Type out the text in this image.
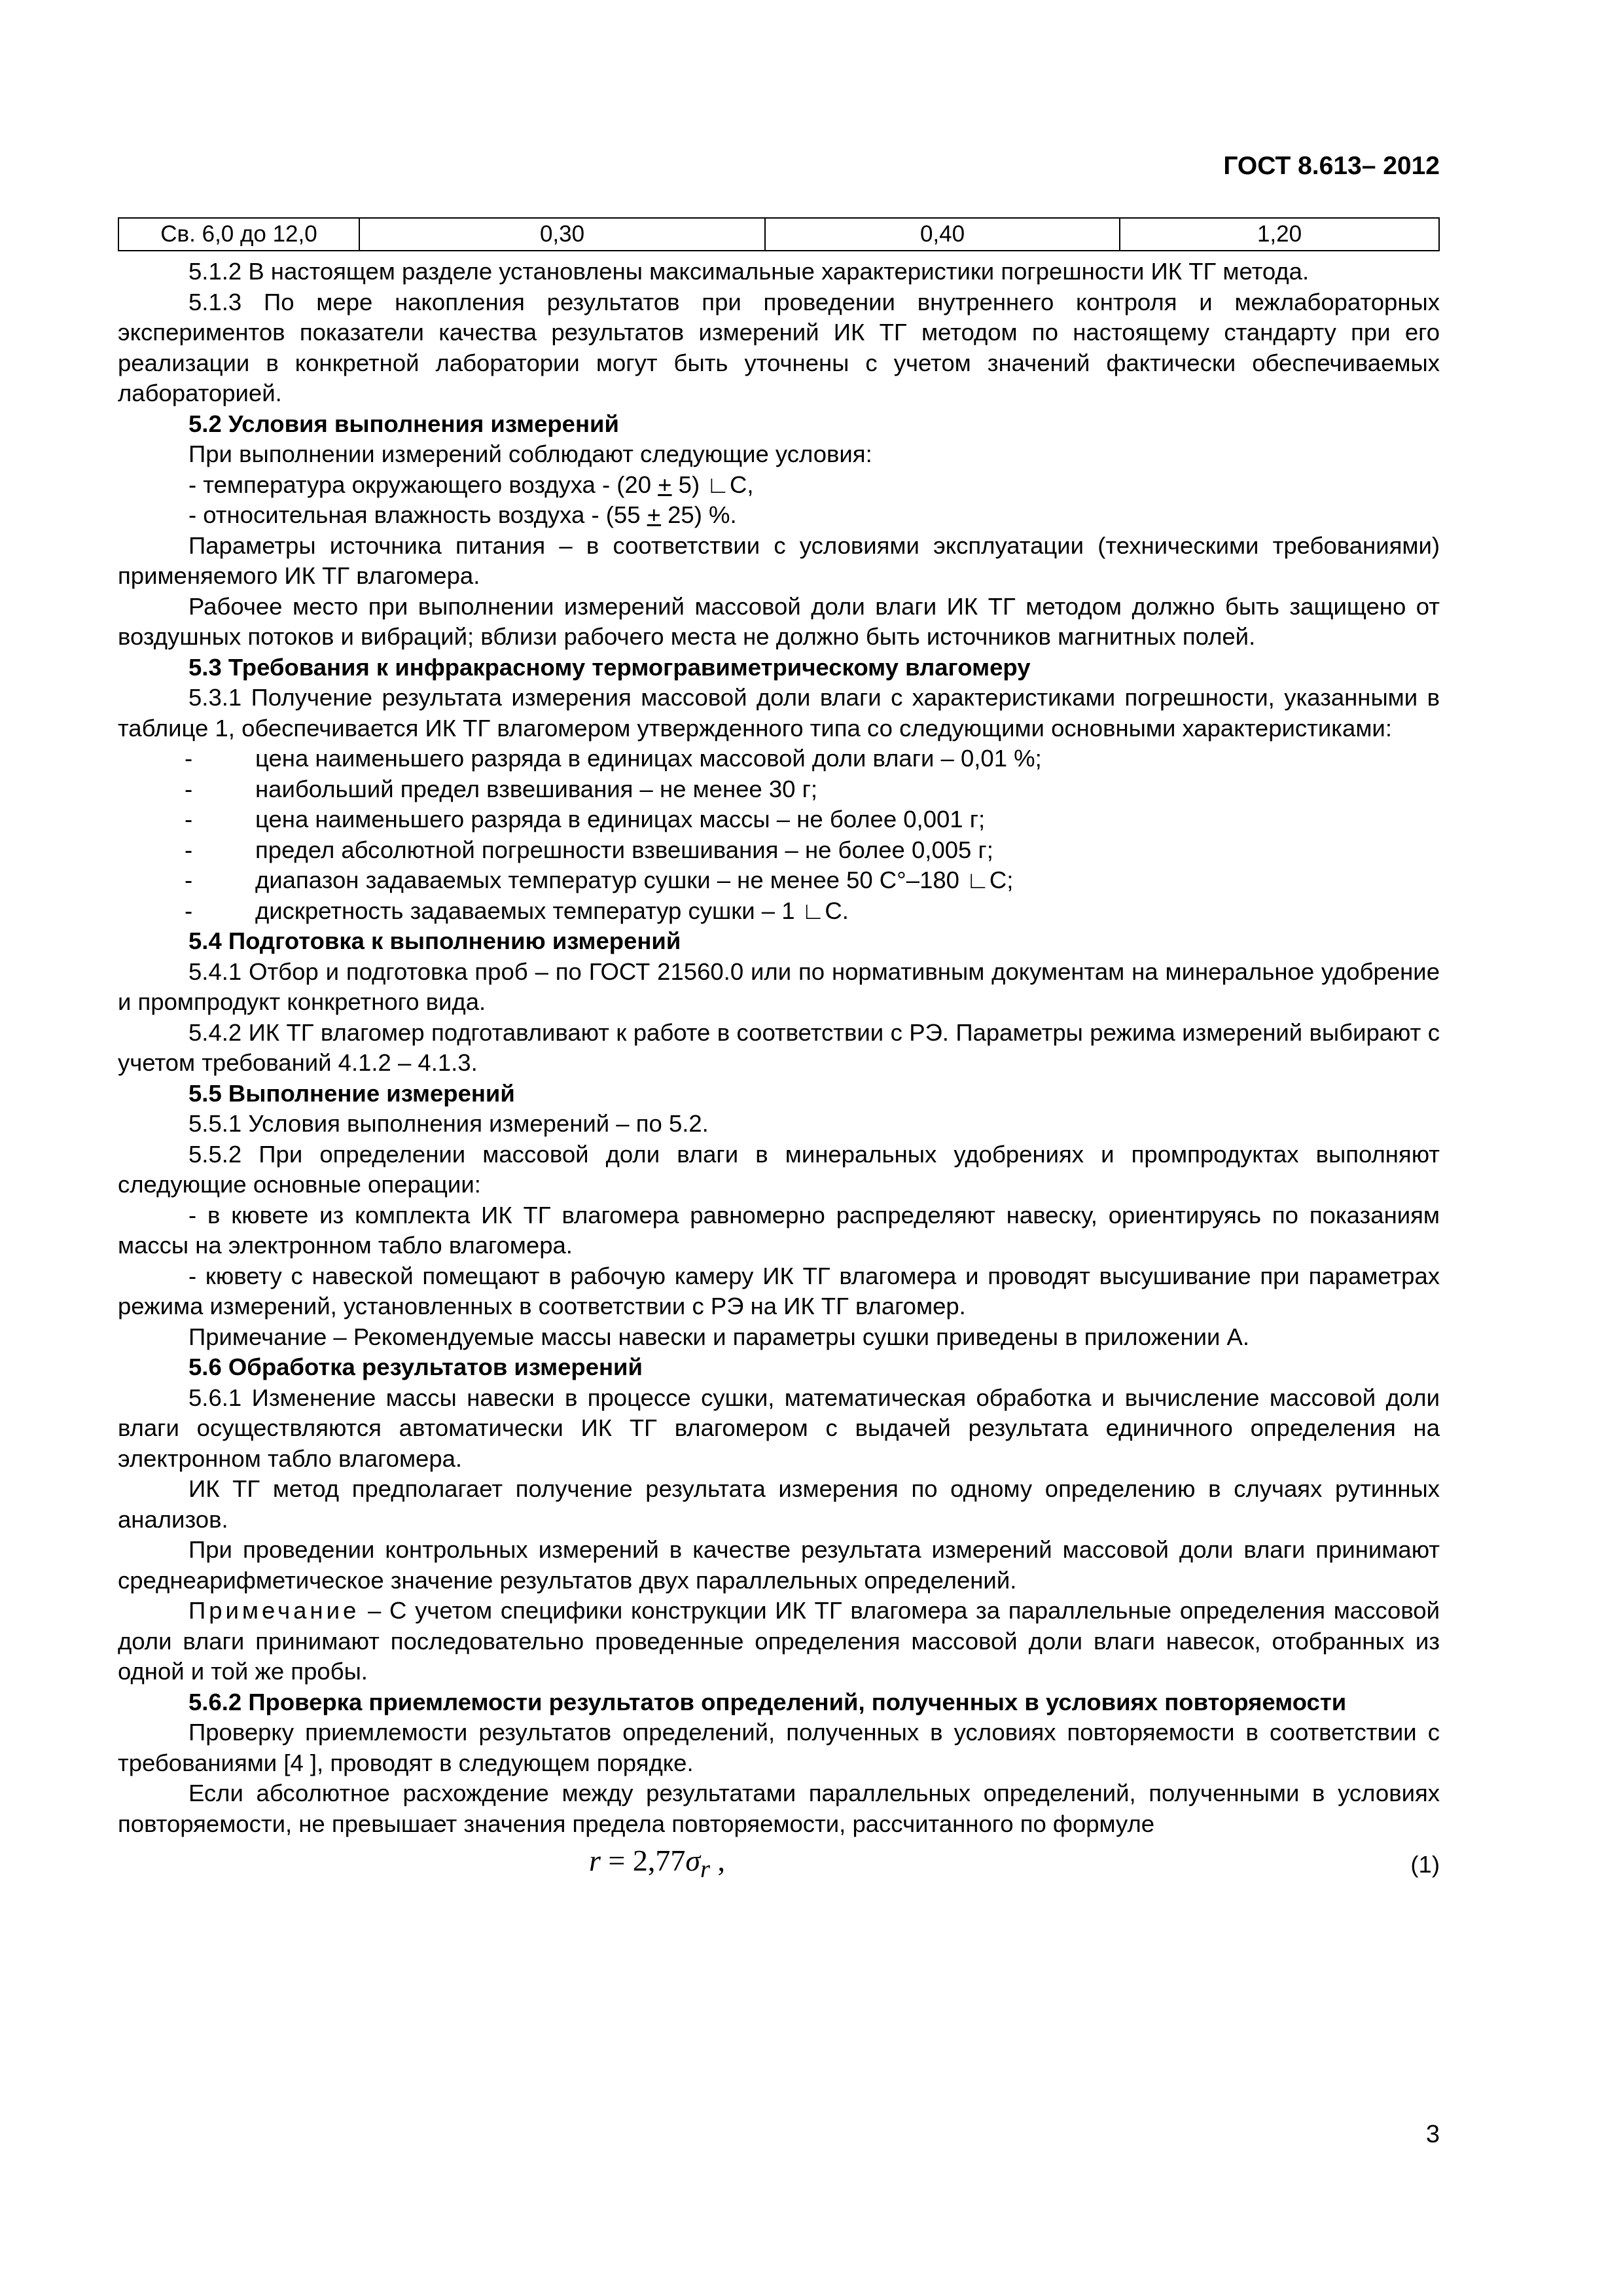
ГОСТ 8.613– 2012
Св. 6,0 до 12,0	0,30	0,40	1,20

5.1.2 В настоящем разделе установлены максимальные характеристики погрешности ИК ТГ метода.

5.1.3 По мере накопления результатов при проведении внутреннего контроля и межлабораторных экспериментов показатели качества результатов измерений ИК ТГ методом по настоящему стандарту при его реализации в конкретной лаборатории могут быть уточнены с учетом значений фактически обеспечиваемых лабораторией.

5.2 Условия выполнения измерений

При выполнении измерений соблюдают следующие условия:

- температура окружающего воздуха - (20 + 5) ∟C,

- относительная влажность воздуха - (55 + 25) %.

Параметры источника питания – в соответствии с условиями эксплуатации (техническими требованиями) применяемого ИК ТГ влагомера.

Рабочее место при выполнении измерений массовой доли влаги ИК ТГ методом должно быть защищено от воздушных потоков и вибраций; вблизи рабочего места не должно быть источников магнитных полей.

5.3 Требования к инфракрасному термогравиметрическому влагомеру

5.3.1 Получение результата измерения массовой доли влаги с характеристиками погрешности, указанными в таблице 1, обеспечивается ИК ТГ влагомером утвержденного типа со следующими основными характеристиками:

-	цена наименьшего разряда в единицах массовой доли влаги – 0,01 %;

-	наибольший предел взвешивания – не менее 30 г;

-	цена наименьшего разряда в единицах массы – не более 0,001 г;

-	предел абсолютной погрешности взвешивания – не более 0,005 г;

-	диапазон задаваемых температур сушки – не менее 50 С°–180 ∟С;

-	дискретность задаваемых температур сушки – 1 ∟С.

5.4 Подготовка к выполнению измерений

5.4.1 Отбор и подготовка проб – по ГОСТ 21560.0 или по нормативным документам на минеральное удобрение и промпродукт конкретного вида.

5.4.2 ИК ТГ влагомер подготавливают к работе в соответствии с РЭ. Параметры режима измерений выбирают с учетом требований 4.1.2 – 4.1.3.

5.5 Выполнение измерений

5.5.1 Условия выполнения измерений – по 5.2.

5.5.2 При определении массовой доли влаги в минеральных удобрениях и промпродуктах выполняют следующие основные операции:

- в кювете из комплекта ИК ТГ влагомера равномерно распределяют навеску, ориентируясь по показаниям массы на электронном табло влагомера.

- кювету с навеской помещают в рабочую камеру ИК ТГ влагомера и проводят высушивание при параметрах режима измерений, установленных в соответствии с РЭ на ИК ТГ влагомер.

Примечание – Рекомендуемые массы навески и параметры сушки приведены в приложении А.

5.6 Обработка результатов измерений

5.6.1 Изменение массы навески в процессе сушки, математическая обработка и вычисление массовой доли влаги осуществляются автоматически ИК ТГ влагомером с выдачей результата единичного определения на электронном табло влагомера.

ИК ТГ метод предполагает получение результата измерения по одному определению в случаях рутинных анализов.

При проведении контрольных измерений в качестве результата измерений массовой доли влаги принимают среднеарифметическое значение результатов двух параллельных определений.

Примечание – С учетом специфики конструкции ИК ТГ влагомера за параллельные определения массовой доли влаги принимают последовательно проведенные определения массовой доли влаги навесок, отобранных из одной и той же пробы.

5.6.2 Проверка приемлемости результатов определений, полученных в условиях повторяемости

Проверку приемлемости результатов определений, полученных в условиях повторяемости в соответствии с требованиями [4 ], проводят в следующем порядке.

Если абсолютное расхождение между результатами параллельных определений, полученными в условиях повторяемости, не превышает значения предела повторяемости, рассчитанного по формуле

$r = 2,77\sigma_r$ ,	(1)
3
